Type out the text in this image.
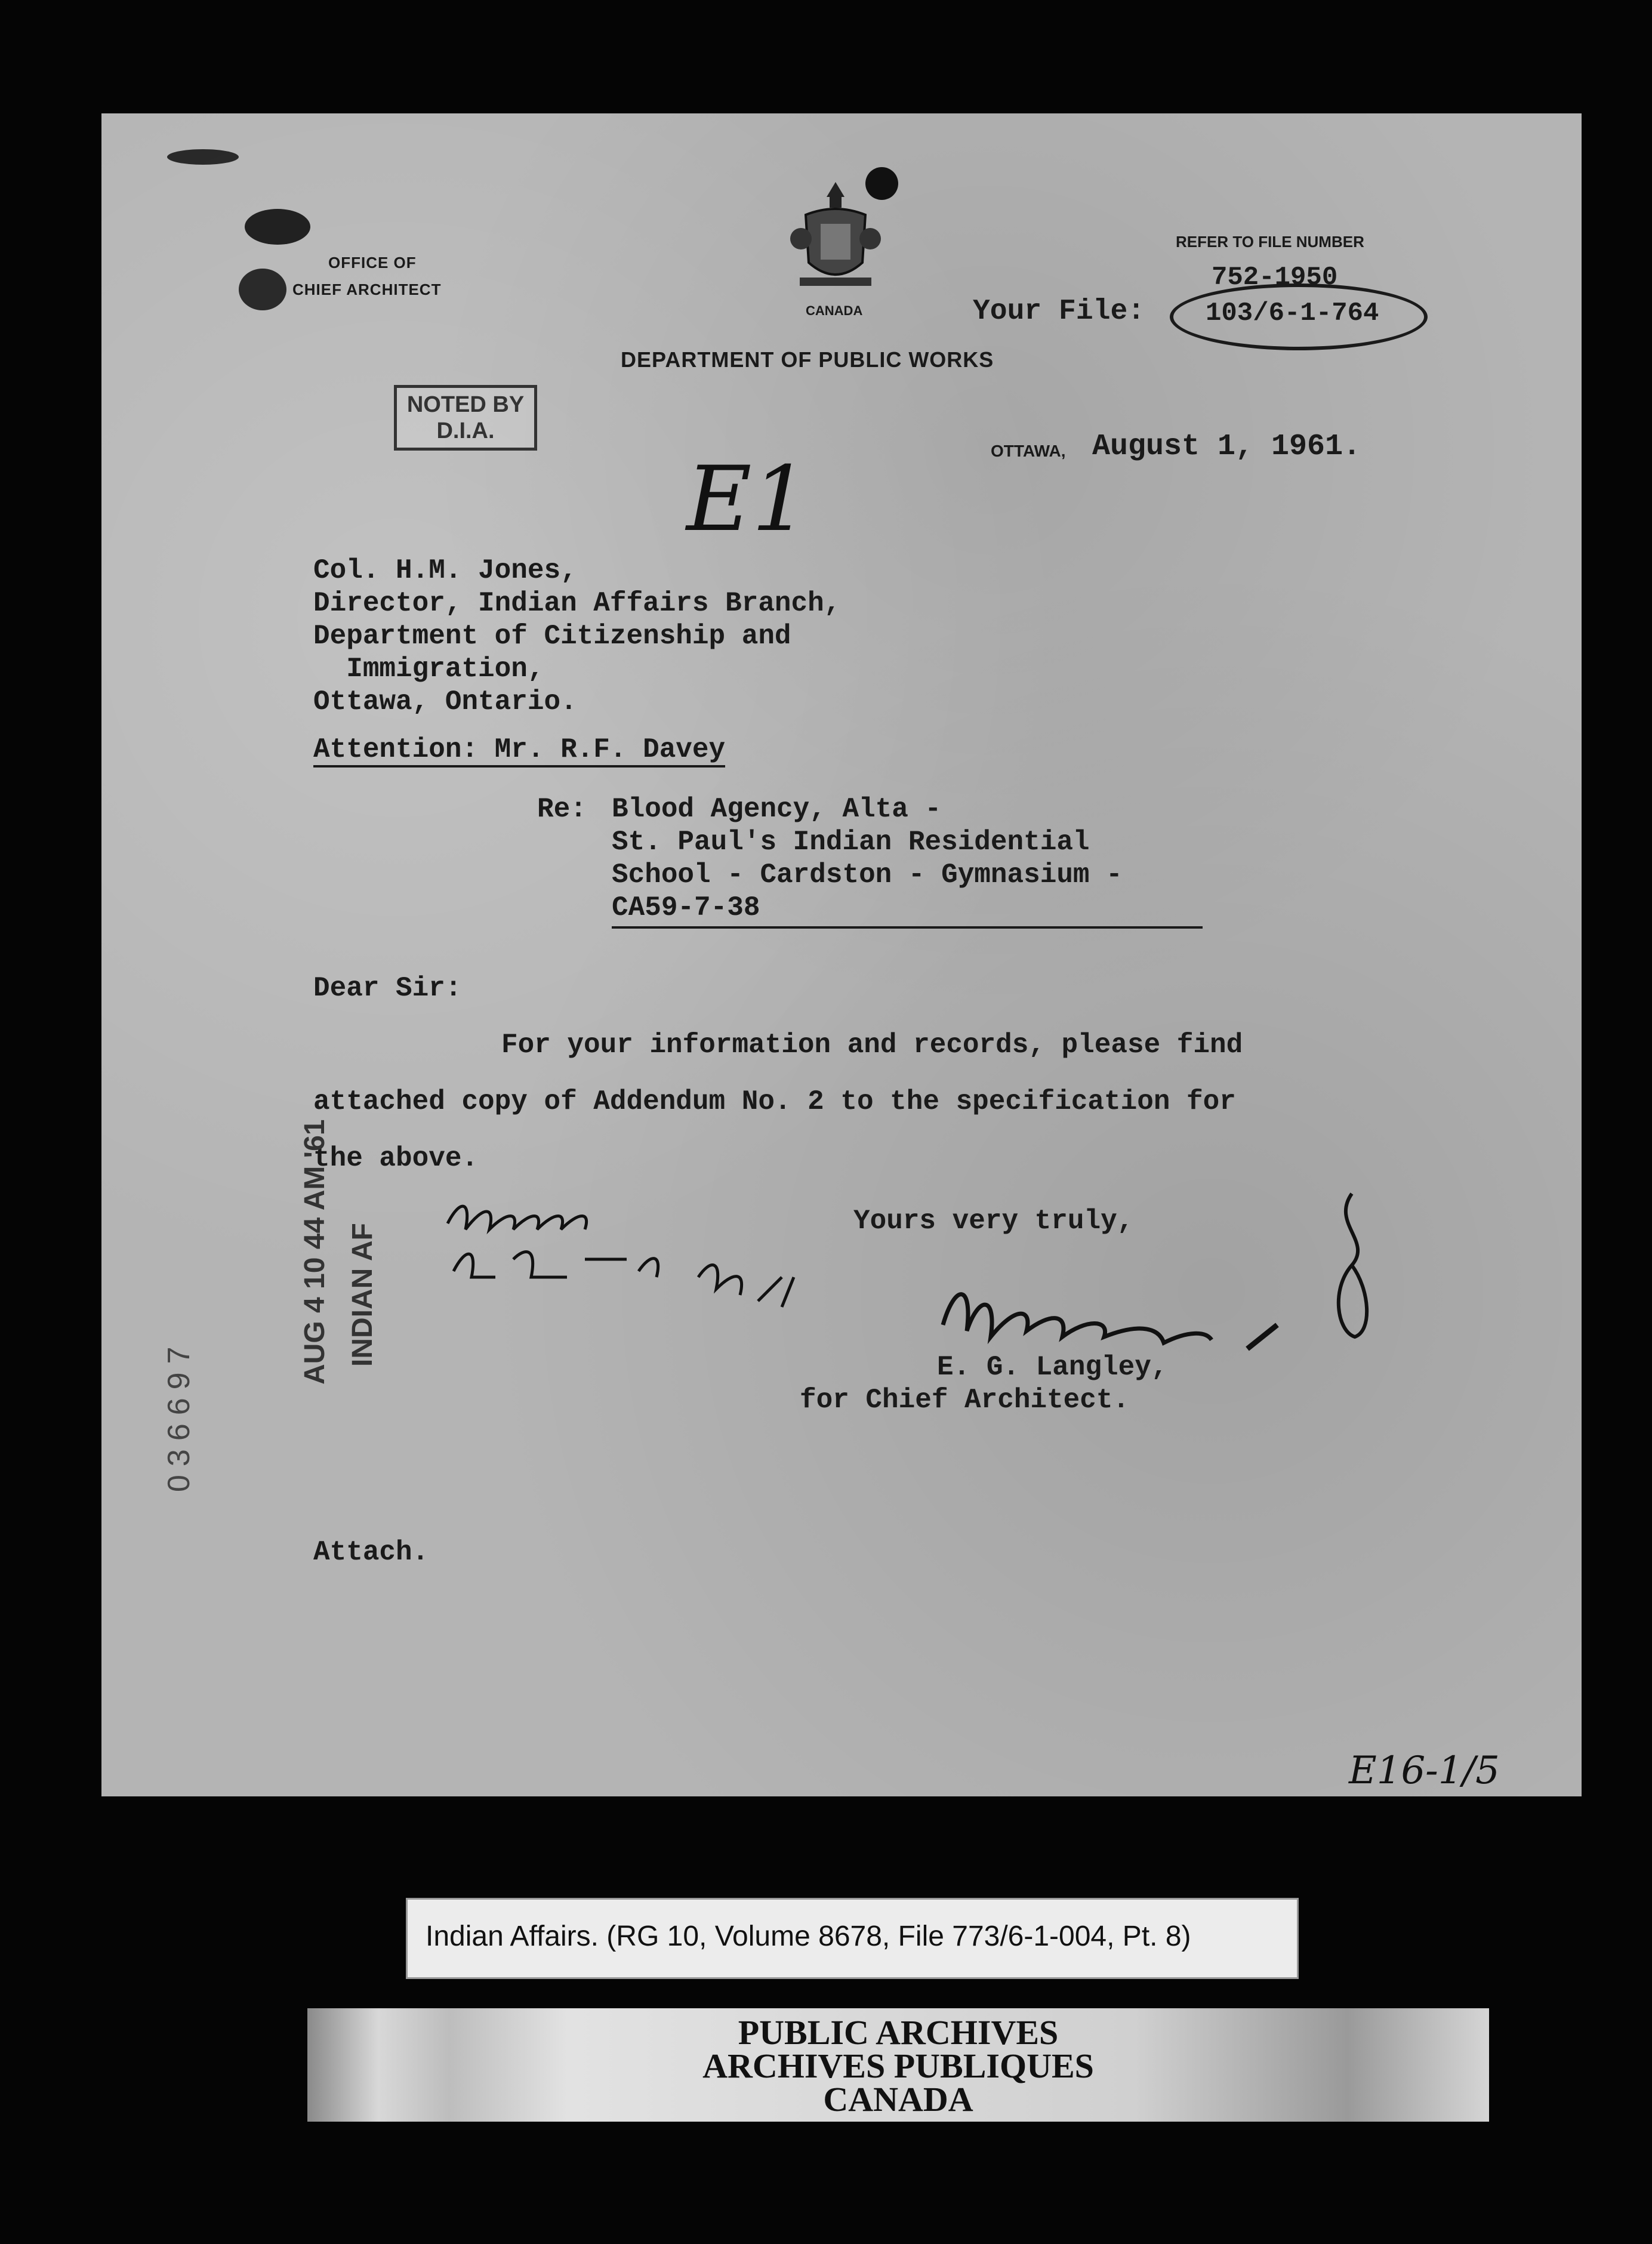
OFFICE OF
CHIEF ARCHITECT
CANADA
DEPARTMENT OF PUBLIC WORKS
REFER TO FILE NUMBER
752-1950
Your File: 103/6-1-764
NOTED BY
D.I.A.
OTTAWA, August 1, 1961.
E1
Col. H.M. Jones,
Director, Indian Affairs Branch,
Department of Citizenship and
Immigration,
Ottawa, Ontario.
Attention: Mr. R.F. Davey
Re: Blood Agency, Alta -
St. Paul's Indian Residential
School - Cardston - Gymnasium -
CA59-7-38
Dear Sir:
For your information and records, please find
attached copy of Addendum No. 2 to the specification for
the above.
Yours very truly,
E. G. Langley,
for Chief Architect.
AUG 4 10 44 AM '61 INDIAN AF
036697
Attach.
E16-1/5
Indian Affairs. (RG 10, Volume 8678, File 773/6-1-004, Pt. 8)
PUBLIC ARCHIVES
ARCHIVES PUBLIQUES
CANADA
